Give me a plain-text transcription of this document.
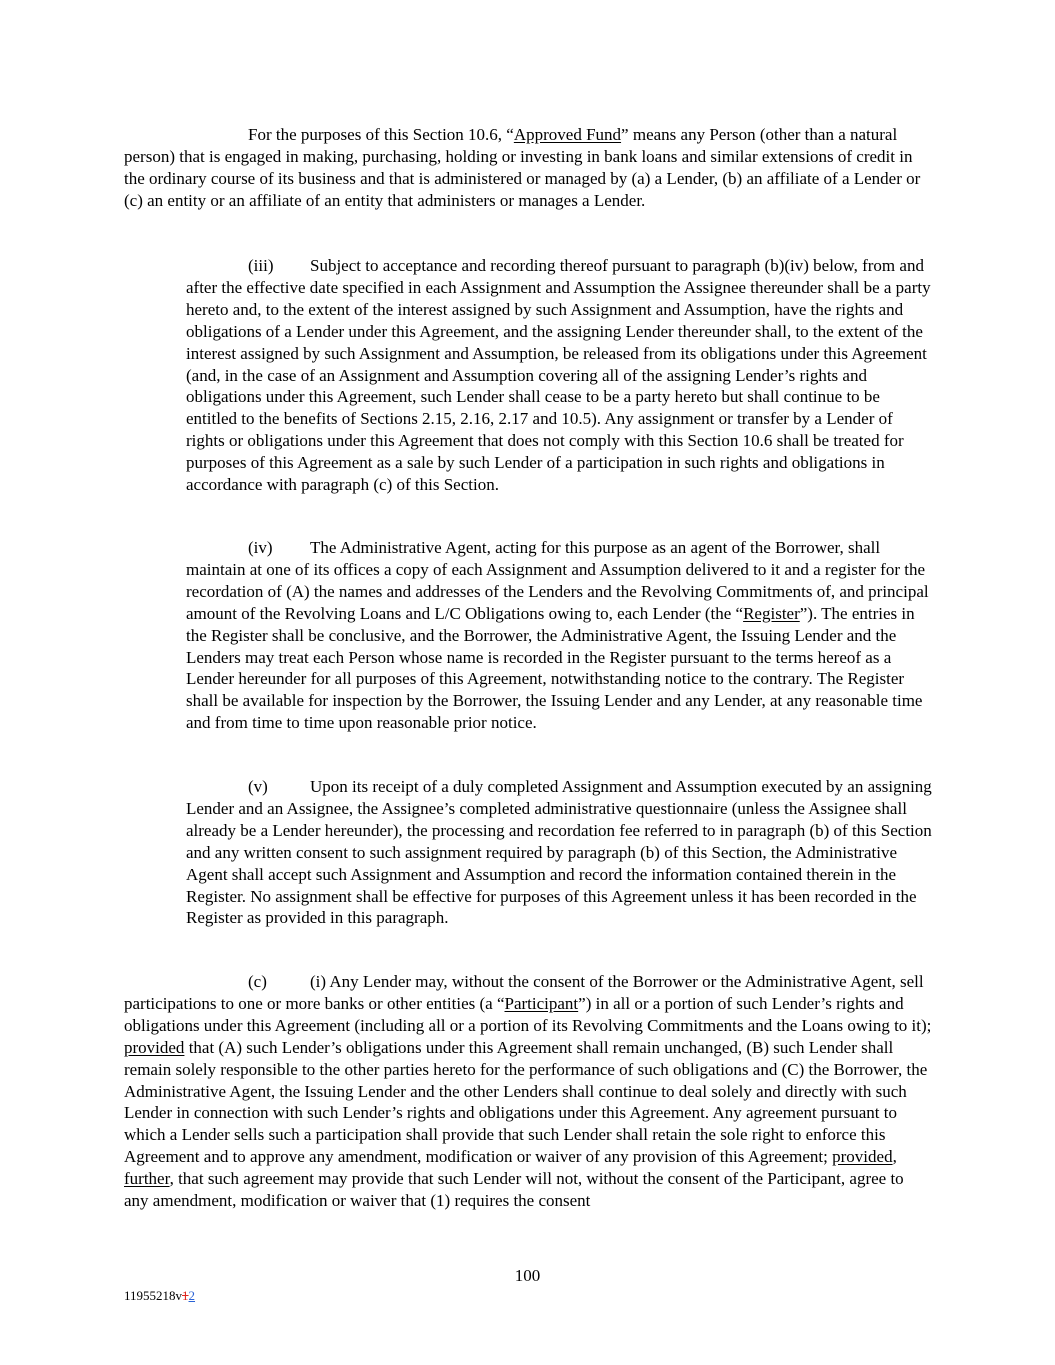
For the purposes of this Section 10.6, “Approved Fund” means any Person (other than a natural person) that is engaged in making, purchasing, holding or investing in bank loans and similar extensions of credit in the ordinary course of its business and that is administered or managed by (a) a Lender, (b) an affiliate of a Lender or (c) an entity or an affiliate of an entity that administers or manages a Lender.

(iii) Subject to acceptance and recording thereof pursuant to paragraph (b)(iv) below, from and after the effective date specified in each Assignment and Assumption the Assignee thereunder shall be a party hereto and, to the extent of the interest assigned by such Assignment and Assumption, have the rights and obligations of a Lender under this Agreement, and the assigning Lender thereunder shall, to the extent of the interest assigned by such Assignment and Assumption, be released from its obligations under this Agreement (and, in the case of an Assignment and Assumption covering all of the assigning Lender’s rights and obligations under this Agreement, such Lender shall cease to be a party hereto but shall continue to be entitled to the benefits of Sections 2.15, 2.16, 2.17 and 10.5). Any assignment or transfer by a Lender of rights or obligations under this Agreement that does not comply with this Section 10.6 shall be treated for purposes of this Agreement as a sale by such Lender of a participation in such rights and obligations in accordance with paragraph (c) of this Section.

(iv) The Administrative Agent, acting for this purpose as an agent of the Borrower, shall maintain at one of its offices a copy of each Assignment and Assumption delivered to it and a register for the recordation of (A) the names and addresses of the Lenders and the Revolving Commitments of, and principal amount of the Revolving Loans and L/C Obligations owing to, each Lender (the “Register”). The entries in the Register shall be conclusive, and the Borrower, the Administrative Agent, the Issuing Lender and the Lenders may treat each Person whose name is recorded in the Register pursuant to the terms hereof as a Lender hereunder for all purposes of this Agreement, notwithstanding notice to the contrary. The Register shall be available for inspection by the Borrower, the Issuing Lender and any Lender, at any reasonable time and from time to time upon reasonable prior notice.

(v) Upon its receipt of a duly completed Assignment and Assumption executed by an assigning Lender and an Assignee, the Assignee’s completed administrative questionnaire (unless the Assignee shall already be a Lender hereunder), the processing and recordation fee referred to in paragraph (b) of this Section and any written consent to such assignment required by paragraph (b) of this Section, the Administrative Agent shall accept such Assignment and Assumption and record the information contained therein in the Register. No assignment shall be effective for purposes of this Agreement unless it has been recorded in the Register as provided in this paragraph.

(c)	(i) Any Lender may, without the consent of the Borrower or the Administrative Agent, sell participations to one or more banks or other entities (a “Participant”) in all or a portion of such Lender’s rights and obligations under this Agreement (including all or a portion of its Revolving Commitments and the Loans owing to it); provided that (A) such Lender’s obligations under this Agreement shall remain unchanged, (B) such Lender shall remain solely responsible to the other parties hereto for the performance of such obligations and (C) the Borrower, the Administrative Agent, the Issuing Lender and the other Lenders shall continue to deal solely and directly with such Lender in connection with such Lender’s rights and obligations under this Agreement. Any agreement pursuant to which a Lender sells such a participation shall provide that such Lender shall retain the sole right to enforce this Agreement and to approve any amendment, modification or waiver of any provision of this Agreement; provided, further, that such agreement may provide that such Lender will not, without the consent of the Participant, agree to any amendment, modification or waiver that (1) requires the consent

100
11955218v12
